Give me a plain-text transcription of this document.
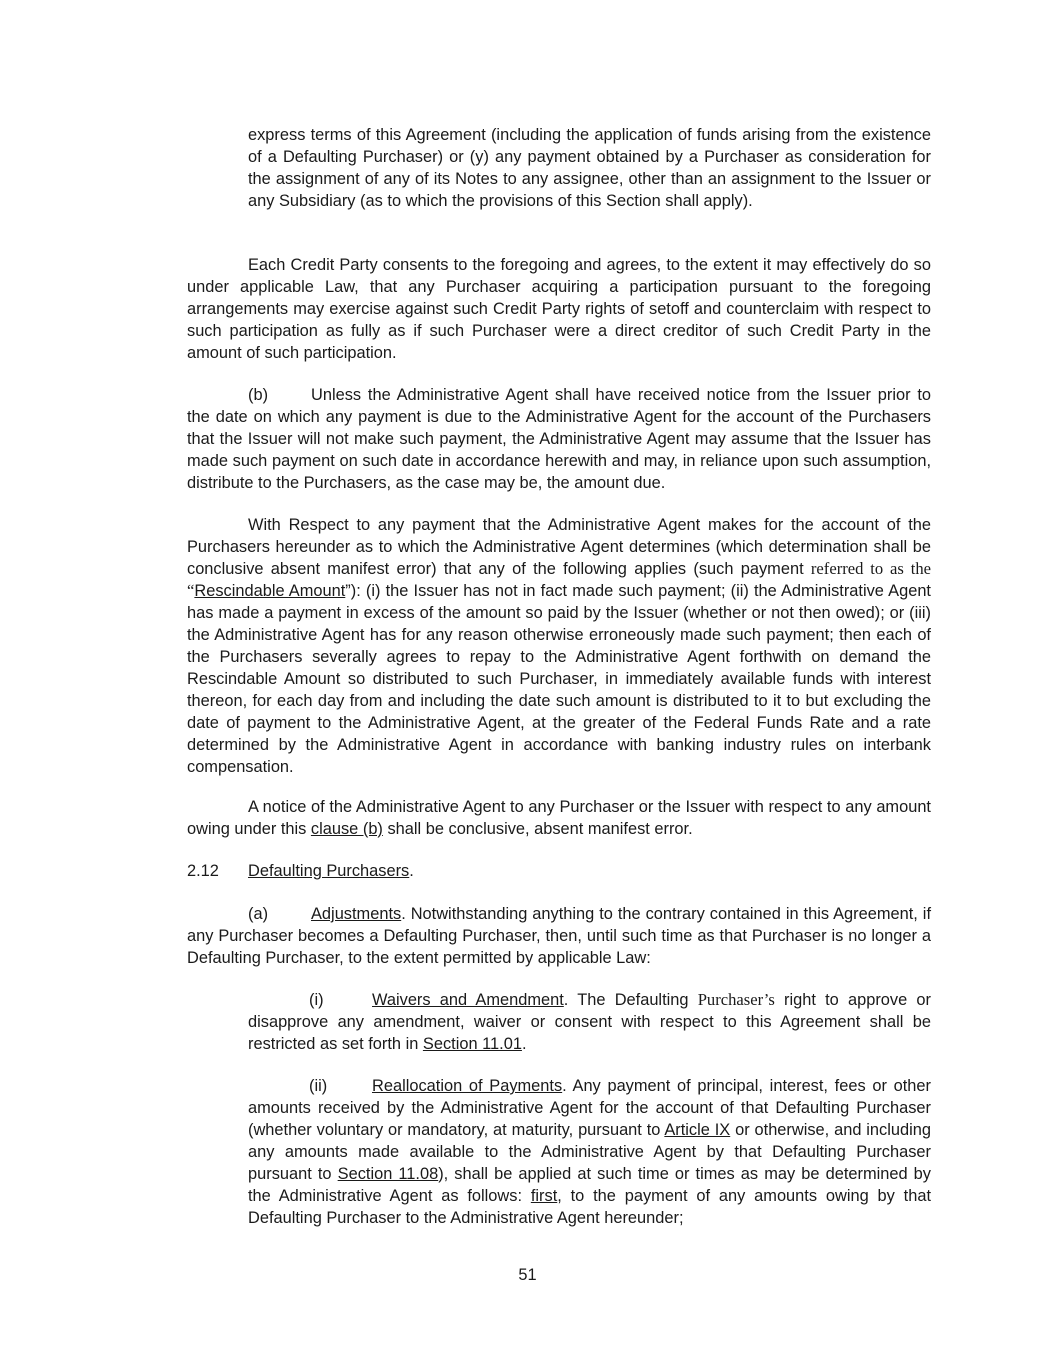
express terms of this Agreement (including the application of funds arising from the existence of a Defaulting Purchaser) or (y) any payment obtained by a Purchaser as consideration for the assignment of any of its Notes to any assignee, other than an assignment to the Issuer or any Subsidiary (as to which the provisions of this Section shall apply).

Each Credit Party consents to the foregoing and agrees, to the extent it may effectively do so under applicable Law, that any Purchaser acquiring a participation pursuant to the foregoing arrangements may exercise against such Credit Party rights of setoff and counterclaim with respect to such participation as fully as if such Purchaser were a direct creditor of such Credit Party in the amount of such participation.

(b)	Unless the Administrative Agent shall have received notice from the Issuer prior to the date on which any payment is due to the Administrative Agent for the account of the Purchasers that the Issuer will not make such payment, the Administrative Agent may assume that the Issuer has made such payment on such date in accordance herewith and may, in reliance upon such assumption, distribute to the Purchasers, as the case may be, the amount due.

With Respect to any payment that the Administrative Agent makes for the account of the Purchasers hereunder as to which the Administrative Agent determines (which determination shall be conclusive absent manifest error) that any of the following applies (such payment referred to as the “Rescindable Amount”): (i) the Issuer has not in fact made such payment; (ii) the Administrative Agent has made a payment in excess of the amount so paid by the Issuer (whether or not then owed); or (iii) the Administrative Agent has for any reason otherwise erroneously made such payment; then each of the Purchasers severally agrees to repay to the Administrative Agent forthwith on demand the Rescindable Amount so distributed to such Purchaser, in immediately available funds with interest thereon, for each day from and including the date such amount is distributed to it to but excluding the date of payment to the Administrative Agent, at the greater of the Federal Funds Rate and a rate determined by the Administrative Agent in accordance with banking industry rules on interbank compensation.

A notice of the Administrative Agent to any Purchaser or the Issuer with respect to any amount owing under this clause (b) shall be conclusive, absent manifest error.

2.12 Defaulting Purchasers.

(a)	Adjustments. Notwithstanding anything to the contrary contained in this Agreement, if any Purchaser becomes a Defaulting Purchaser, then, until such time as that Purchaser is no longer a Defaulting Purchaser, to the extent permitted by applicable Law:

(i)	Waivers and Amendment. The Defaulting Purchaser’s right to approve or disapprove any amendment, waiver or consent with respect to this Agreement shall be restricted as set forth in Section 11.01.

(ii)	Reallocation of Payments. Any payment of principal, interest, fees or other amounts received by the Administrative Agent for the account of that Defaulting Purchaser (whether voluntary or mandatory, at maturity, pursuant to Article IX or otherwise, and including any amounts made available to the Administrative Agent by that Defaulting Purchaser pursuant to Section 11.08), shall be applied at such time or times as may be determined by the Administrative Agent as follows: first, to the payment of any amounts owing by that Defaulting Purchaser to the Administrative Agent hereunder;

51
